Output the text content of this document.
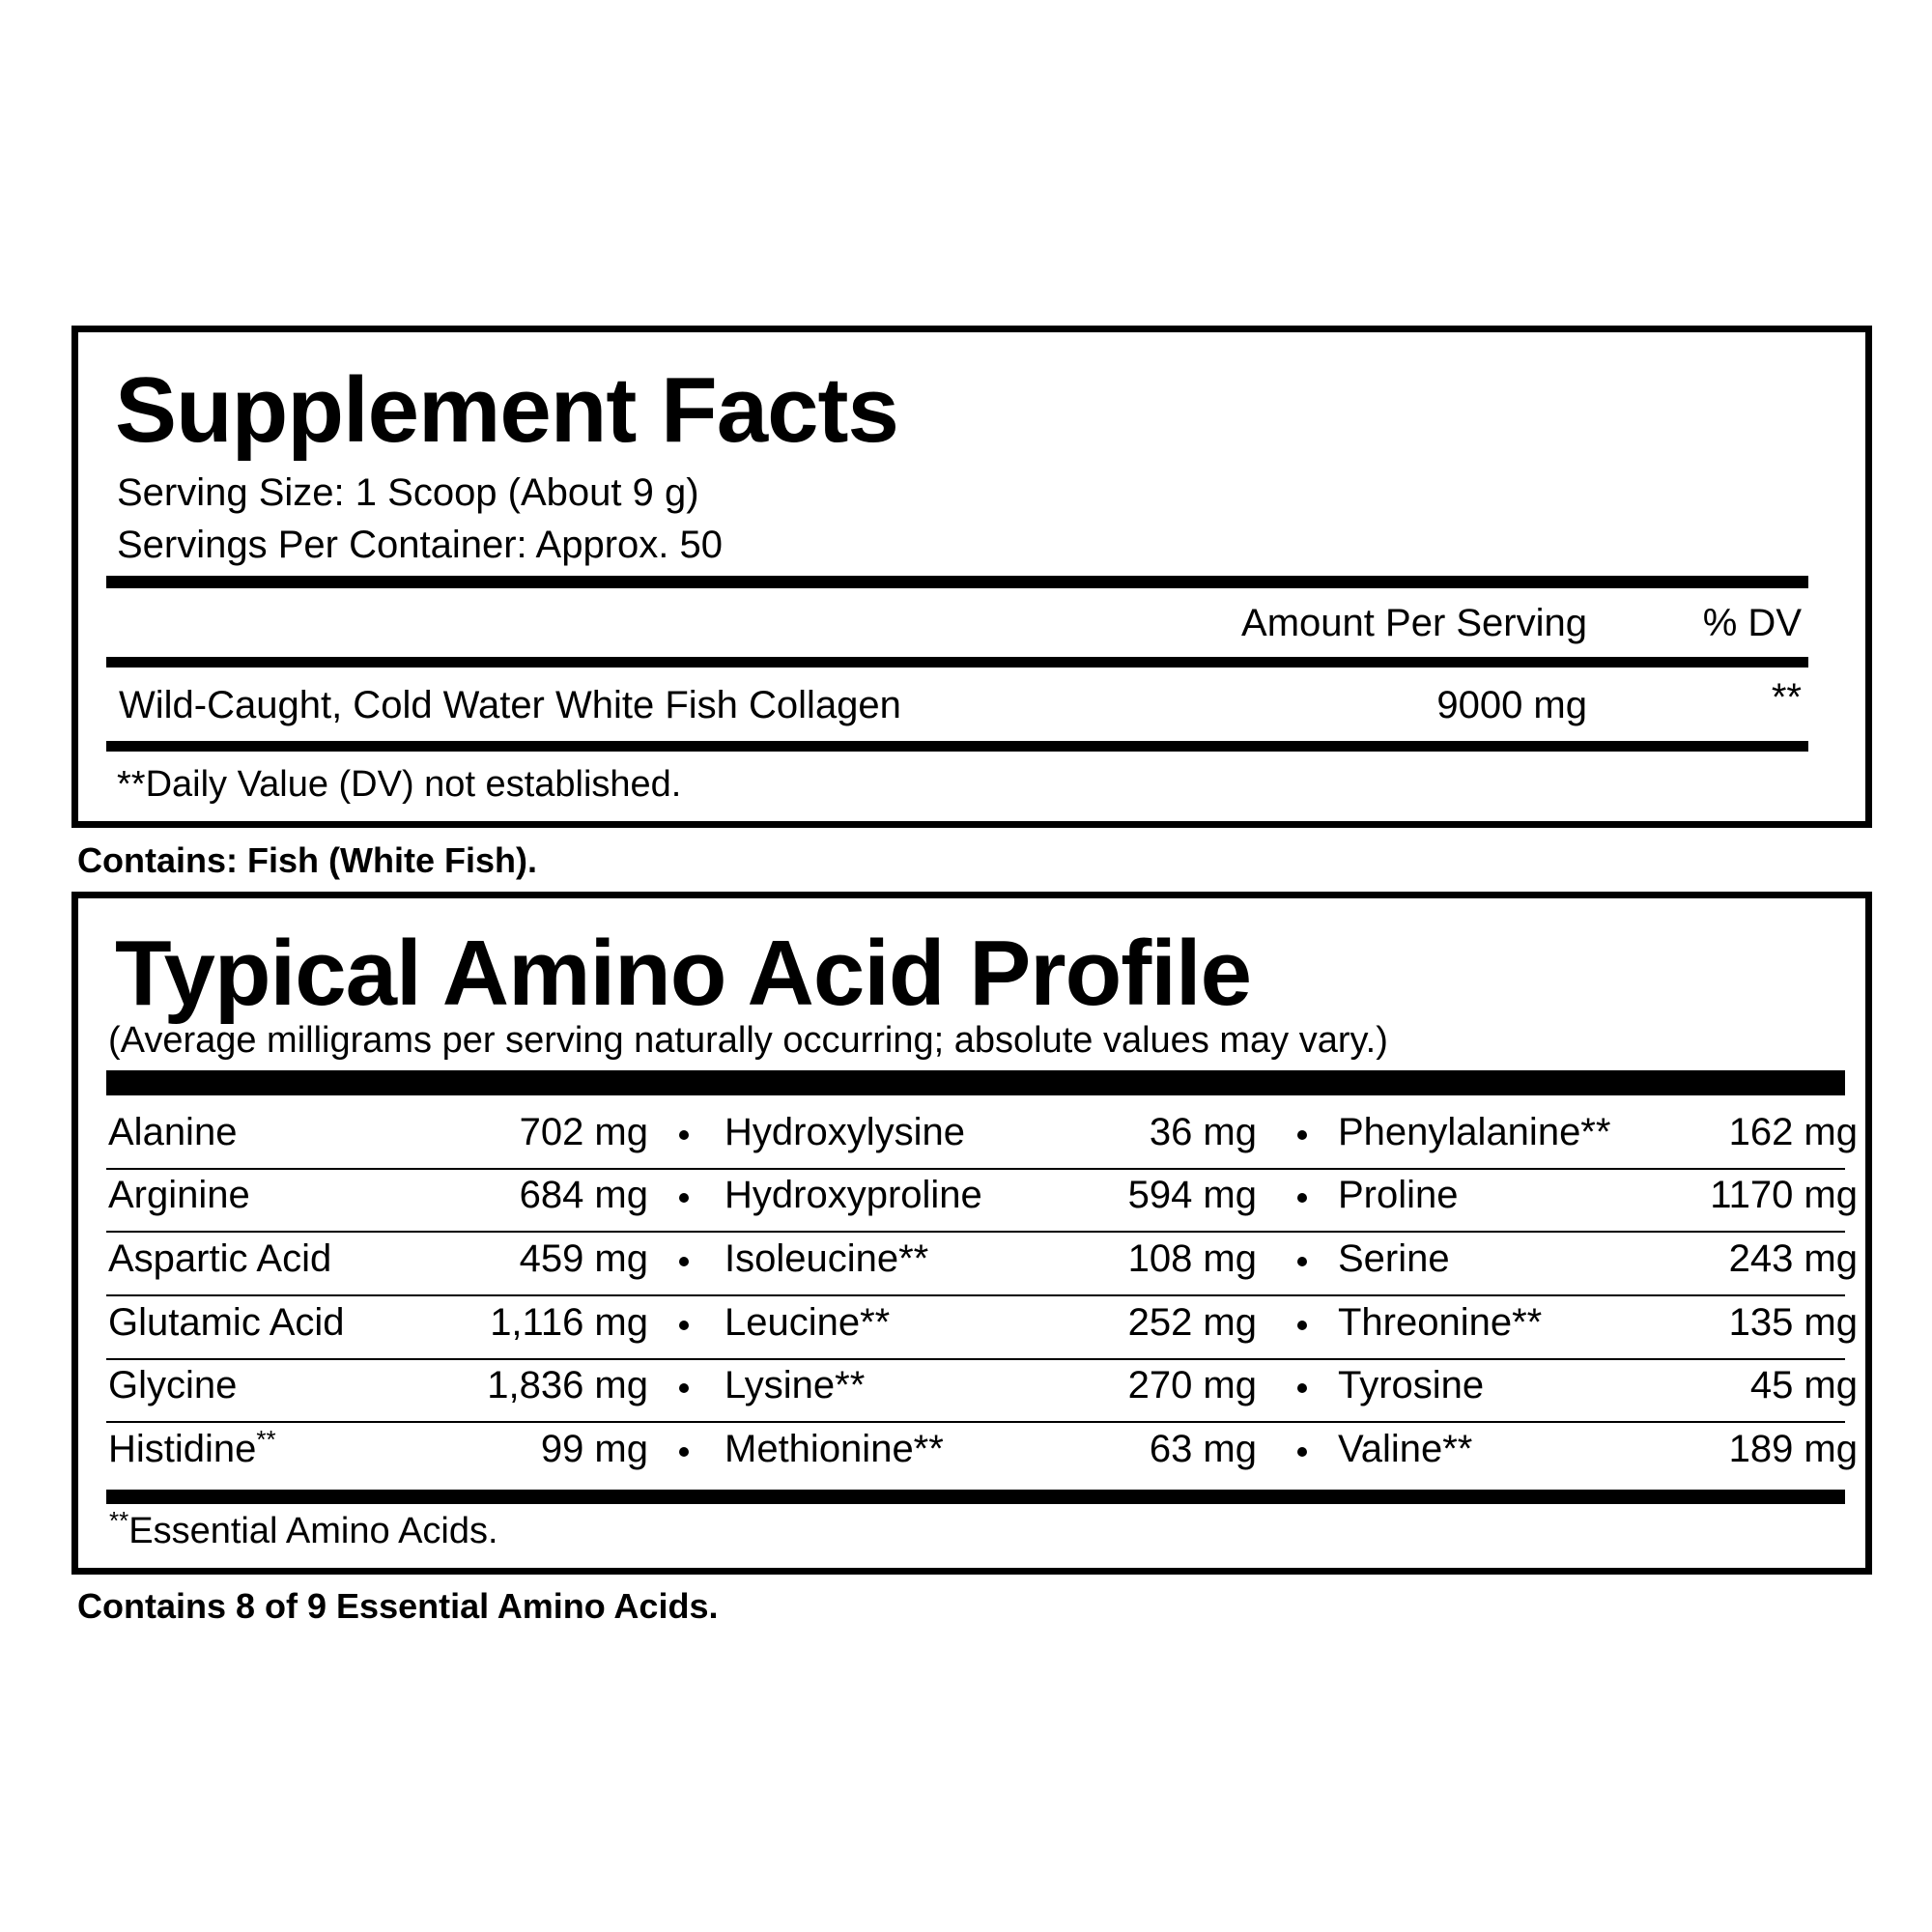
Supplement Facts
Serving Size: 1 Scoop (About 9 g)
Servings Per Container: Approx. 50
Amount Per Serving	% DV
Wild-Caught, Cold Water White Fish Collagen	9000 mg	**
**Daily Value (DV) not established.
Contains: Fish (White Fish).
Typical Amino Acid Profile
(Average milligrams per serving naturally occurring; absolute values may vary.)
Alanine	702 mg Hydroxylysine	36 mg Phenylalanine**	162 mg
Arginine	684 mg Hydroxyproline	594 mg Proline	1170 mg
Aspartic Acid	459 mg Isoleucine**	108 mg Serine	243 mg
Glutamic Acid	1,116 mg Leucine**	252 mg Threonine**	135 mg
Glycine	1,836 mg Lysine**	270 mg Tyrosine	45 mg
Histidine**	99 mg Methionine**	63 mg Valine**	189 mg
**Essential Amino Acids.
Contains 8 of 9 Essential Amino Acids.
